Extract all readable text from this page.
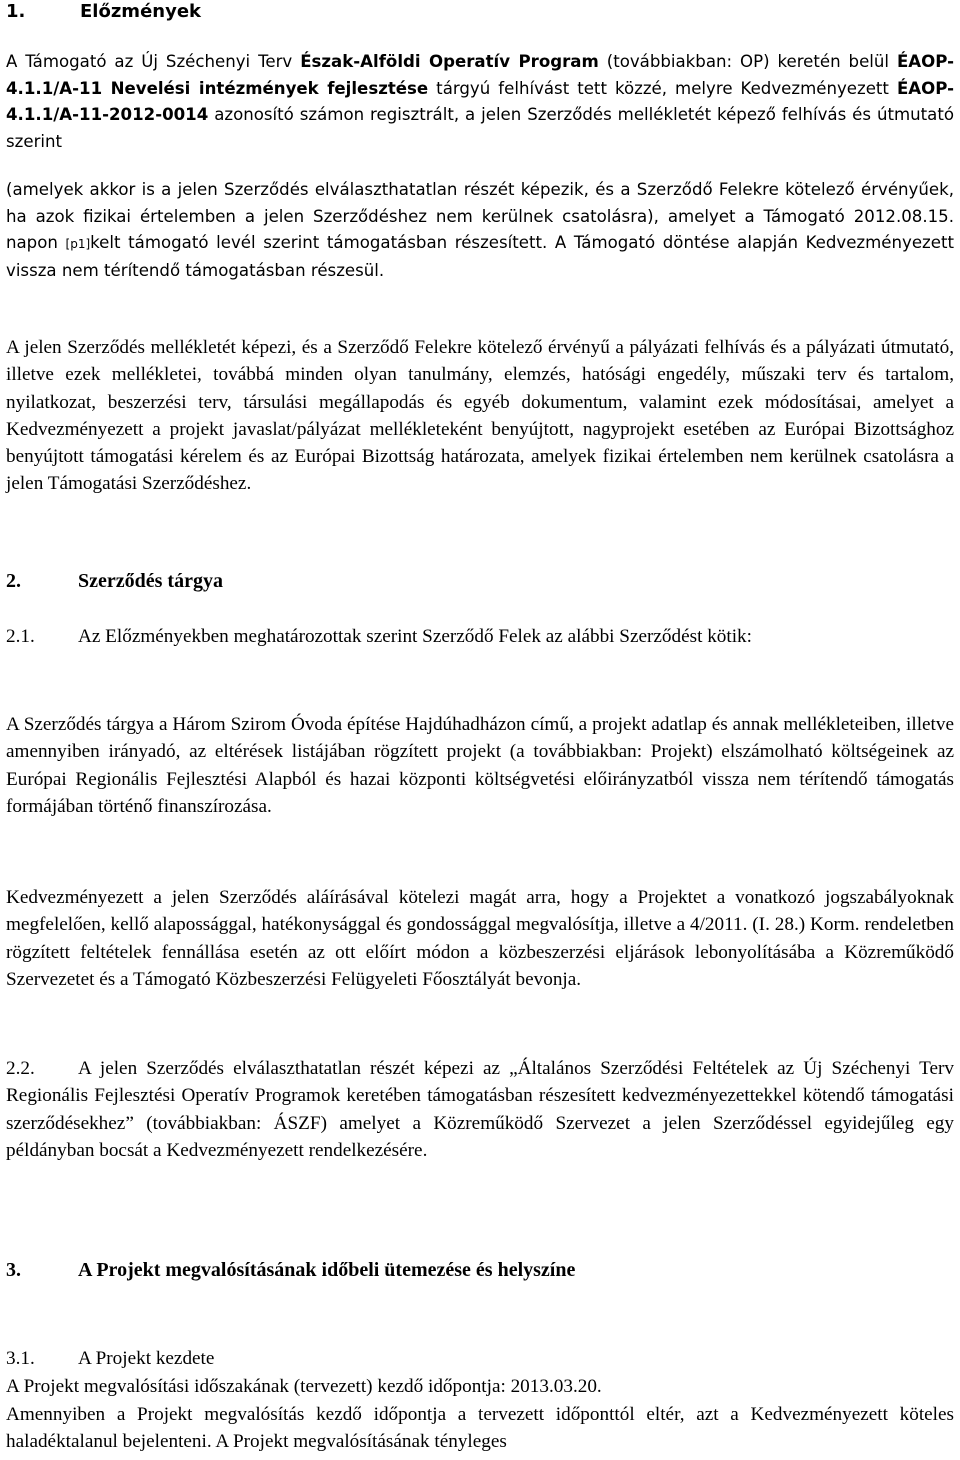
1.	Előzmények

A Támogató az Új Széchenyi Terv Észak-Alföldi Operatív Program (továbbiakban: OP) keretén belül ÉAOP-4.1.1/A-11 Nevelési intézmények fejlesztése tárgyú felhívást tett közzé, melyre Kedvezményezett ÉAOP-4.1.1/A-11-2012-0014 azonosító számon regisztrált, a jelen Szerződés mellékletét képező felhívás és útmutató szerint

(amelyek akkor is a jelen Szerződés elválaszthatatlan részét képezik, és a Szerződő Felekre kötelező érvényűek, ha azok fizikai értelemben a jelen Szerződéshez nem kerülnek csatolásra), amelyet a Támogató 2012.08.15. napon [p1]kelt támogató levél szerint támogatásban részesített. A Támogató döntése alapján Kedvezményezett vissza nem térítendő támogatásban részesül.

A jelen Szerződés mellékletét képezi, és a Szerződő Felekre kötelező érvényű a pályázati felhívás és a pályázati útmutató, illetve ezek mellékletei, továbbá minden olyan tanulmány, elemzés, hatósági engedély, műszaki terv és tartalom, nyilatkozat, beszerzési terv, társulási megállapodás és egyéb dokumentum, valamint ezek módosításai, amelyet a Kedvezményezett a projekt javaslat/pályázat mellékleteként benyújtott, nagyprojekt esetében az Európai Bizottsághoz benyújtott támogatási kérelem és az Európai Bizottság határozata, amelyek fizikai értelemben nem kerülnek csatolásra a jelen Támogatási Szerződéshez.

2.	Szerződés tárgya

2.1. Az Előzményekben meghatározottak szerint Szerződő Felek az alábbi Szerződést kötik:

A Szerződés tárgya a Három Szirom Óvoda építése Hajdúhadházon című, a projekt adatlap és annak mellékleteiben, illetve amennyiben irányadó, az eltérések listájában rögzített projekt (a továbbiakban: Projekt) elszámolható költségeinek az Európai Regionális Fejlesztési Alapból és hazai központi költségvetési előirányzatból vissza nem térítendő támogatás formájában történő finanszírozása.

Kedvezményezett a jelen Szerződés aláírásával kötelezi magát arra, hogy a Projektet a vonatkozó jogszabályoknak megfelelően, kellő alapossággal, hatékonysággal és gondossággal megvalósítja, illetve a 4/2011. (I. 28.) Korm. rendeletben rögzített feltételek fennállása esetén az ott előírt módon a közbeszerzési eljárások lebonyolításába a Közreműködő Szervezetet és a Támogató Közbeszerzési Felügyeleti Főosztályát bevonja.

2.2. A jelen Szerződés elválaszthatatlan részét képezi az „Általános Szerződési Feltételek az Új Széchenyi Terv Regionális Fejlesztési Operatív Programok keretében támogatásban részesített kedvezményezettekkel kötendő támogatási szerződésekhez” (továbbiakban: ÁSZF) amelyet a Közreműködő Szervezet a jelen Szerződéssel egyidejűleg egy példányban bocsát a Kedvezményezett rendelkezésére.

3.	A Projekt megvalósításának időbeli ütemezése és helyszíne

3.1. A Projekt kezdete

A Projekt megvalósítási időszakának (tervezett) kezdő időpontja: 2013.03.20.

Amennyiben a Projekt megvalósítás kezdő időpontja a tervezett időponttól eltér, azt a Kedvezményezett köteles haladéktalanul bejelenteni. A Projekt megvalósításának tényleges
